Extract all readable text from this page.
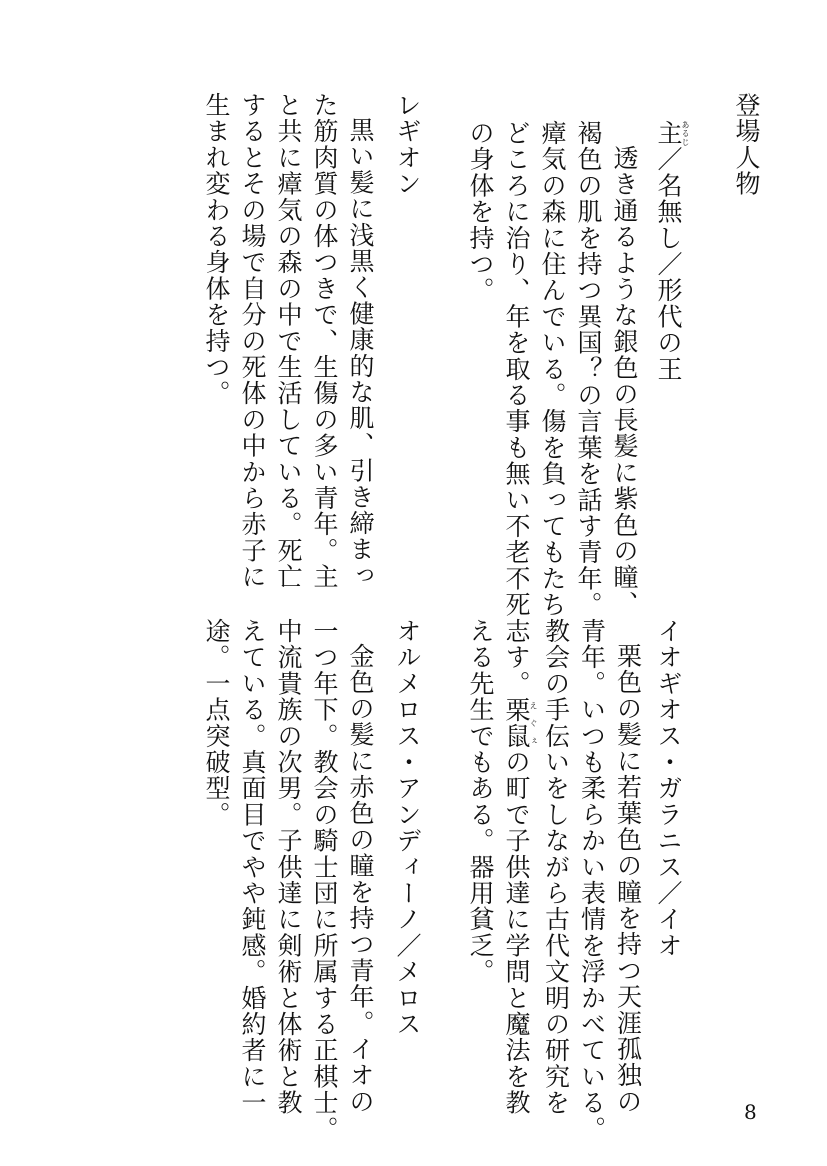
登場人物
主あるじ／名無し／形代の王
透き通るような銀色の長髪に紫色の瞳、
褐色の肌を持つ異国？の言葉を話す青年。
瘴気の森に住んでいる。傷を負ってもたち
どころに治り、年を取る事も無い不老不死
の身体を持つ。
レギオン
黒い髪に浅黒く健康的な肌、引き締まっ
た筋肉質の体つきで、生傷の多い青年。主
と共に瘴気の森の中で生活している。死亡
するとその場で自分の死体の中から赤子に
生まれ変わる身体を持つ。
イオギオス・ガラニス／イオ
栗色の髪に若葉色の瞳を持つ天涯孤独の
青年。いつも柔らかい表情を浮かべている。
教会の手伝いをしながら古代文明の研究を
志す。栗鼠えぐぇの町で子供達に学問と魔法を教
える先生でもある。器用貧乏。
オルメロス・アンディーノ／メロス
金色の髪に赤色の瞳を持つ青年。イオの
一つ年下。教会の騎士団に所属する正棋士。
中流貴族の次男。子供達に剣術と体術と教
えている。真面目でやや鈍感。婚約者に一
途。一点突破型。
8
